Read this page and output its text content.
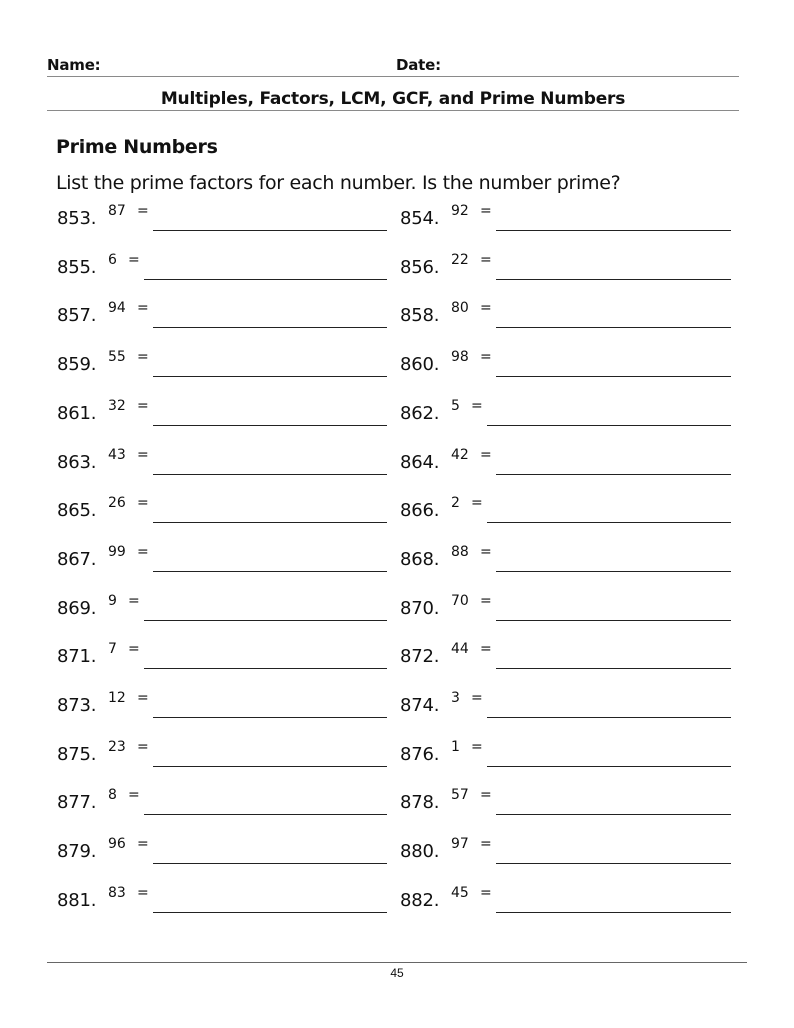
Name:	Date:
Multiples, Factors, LCM, GCF, and Prime Numbers
Prime Numbers
List the prime factors for each number. Is the number prime?
853. 87 =	854. 92 =
855. 6 =	856. 22 =
857. 94 =	858. 80 =
859. 55 =	860. 98 =
861. 32 =	862. 5 =
863. 43 =	864. 42 =
865. 26 =	866. 2 =
867. 99 =	868. 88 =
869. 9 =	870. 70 =
871. 7 =	872. 44 =
873. 12 =	874. 3 =
875. 23 =	876. 1 =
877. 8 =	878. 57 =
879. 96 =	880. 97 =
881. 83 =	882. 45 =
45
